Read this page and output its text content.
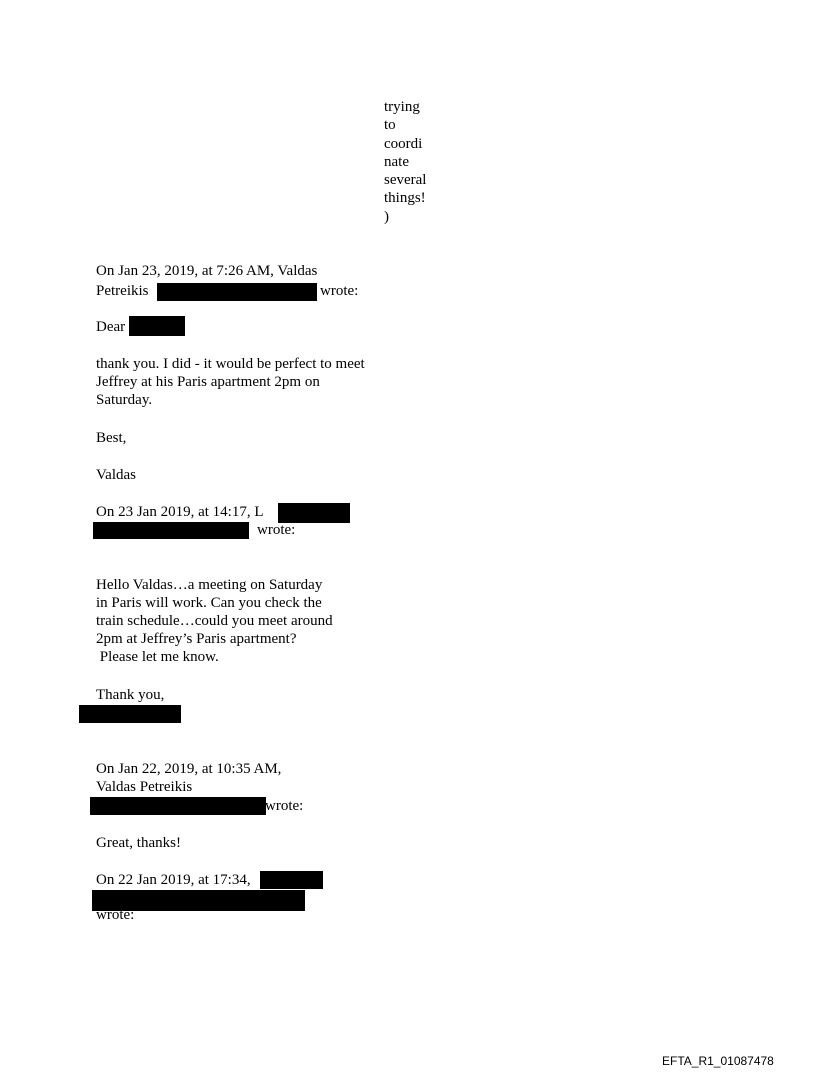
trying
to
coordi
nate
several
things!
)
On Jan 23, 2019, at 7:26 AM, Valdas
Petreikis	wrote:
Dear
thank you. I did - it would be perfect to meet
Jeffrey at his Paris apartment 2pm on
Saturday.
Best,
Valdas
On 23 Jan 2019, at 14:17, L
wrote:
Hello Valdas…a meeting on Saturday
in Paris will work. Can you check the
train schedule…could you meet around
2pm at Jeffrey’s Paris apartment?
Please let me know.
Thank you,
On Jan 22, 2019, at 10:35 AM,
Valdas Petreikis
wrote:
Great, thanks!
On 22 Jan 2019, at 17:34,
wrote:
EFTA_R1_01087478
